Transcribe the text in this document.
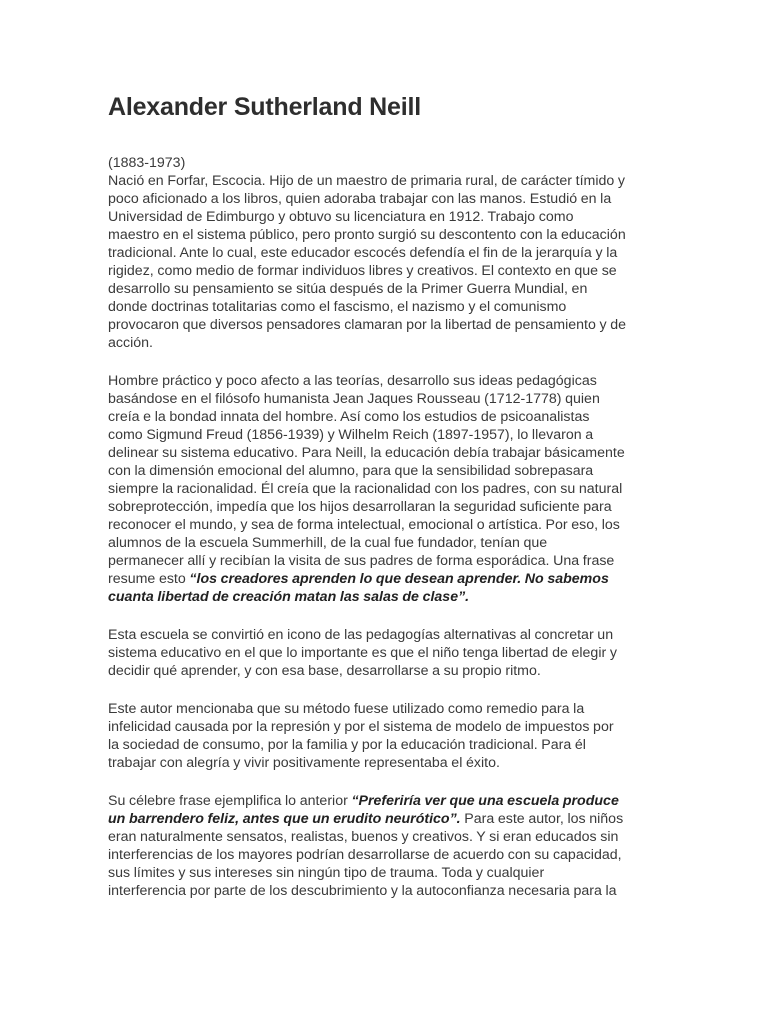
Alexander Sutherland Neill

(1883-1973)
Nació en Forfar, Escocia. Hijo de un maestro de primaria rural, de carácter tímido y
poco aficionado a los libros, quien adoraba trabajar con las manos. Estudió en la
Universidad de Edimburgo y obtuvo su licenciatura en 1912. Trabajo como
maestro en el sistema público, pero pronto surgió su descontento con la educación
tradicional. Ante lo cual, este educador escocés defendía el fin de la jerarquía y la
rigidez, como medio de formar individuos libres y creativos. El contexto en que se
desarrollo su pensamiento se sitúa después de la Primer Guerra Mundial, en
donde doctrinas totalitarias como el fascismo, el nazismo y el comunismo
provocaron que diversos pensadores clamaran por la libertad de pensamiento y de
acción.

Hombre práctico y poco afecto a las teorías, desarrollo sus ideas pedagógicas
basándose en el filósofo humanista Jean Jaques Rousseau (1712-1778) quien
creía e la bondad innata del hombre. Así como los estudios de psicoanalistas
como Sigmund Freud (1856-1939) y Wilhelm Reich (1897-1957), lo llevaron a
delinear su sistema educativo. Para Neill, la educación debía trabajar básicamente
con la dimensión emocional del alumno, para que la sensibilidad sobrepasara
siempre la racionalidad. Él creía que la racionalidad con los padres, con su natural
sobreprotección, impedía que los hijos desarrollaran la seguridad suficiente para
reconocer el mundo, y sea de forma intelectual, emocional o artística. Por eso, los
alumnos de la escuela Summerhill, de la cual fue fundador, tenían que
permanecer allí y recibían la visita de sus padres de forma esporádica. Una frase
resume esto “los creadores aprenden lo que desean aprender. No sabemos
cuanta libertad de creación matan las salas de clase”.

Esta escuela se convirtió en icono de las pedagogías alternativas al concretar un
sistema educativo en el que lo importante es que el niño tenga libertad de elegir y
decidir qué aprender, y con esa base, desarrollarse a su propio ritmo.

Este autor mencionaba que su método fuese utilizado como remedio para la
infelicidad causada por la represión y por el sistema de modelo de impuestos por
la sociedad de consumo, por la familia y por la educación tradicional. Para él
trabajar con alegría y vivir positivamente representaba el éxito.

Su célebre frase ejemplifica lo anterior “Preferiría ver que una escuela produce
un barrendero feliz, antes que un erudito neurótico”. Para este autor, los niños
eran naturalmente sensatos, realistas, buenos y creativos. Y si eran educados sin
interferencias de los mayores podrían desarrollarse de acuerdo con su capacidad,
sus límites y sus intereses sin ningún tipo de trauma. Toda y cualquier
interferencia por parte de los descubrimiento y la autoconfianza necesaria para la
